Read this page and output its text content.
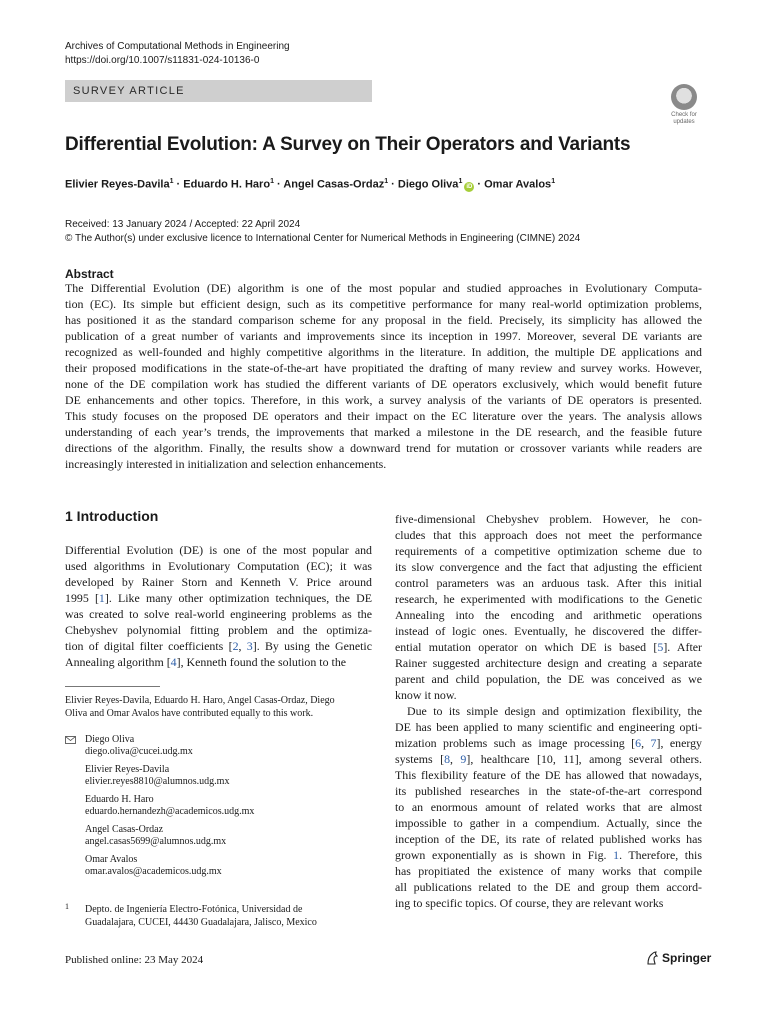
Archives of Computational Methods in Engineering
https://doi.org/10.1007/s11831-024-10136-0
SURVEY ARTICLE
Check for
updates
Differential Evolution: A Survey on Their Operators and Variants
Elivier Reyes-Davila$^1$ · Eduardo H. Haro$^1$ · Angel Casas-Ordaz$^1$ · Diego Oliva$^1$iD · Omar Avalos$^1$
Received: 13 January 2024 / Accepted: 22 April 2024
© The Author(s) under exclusive licence to International Center for Numerical Methods in Engineering (CIMNE) 2024
Abstract
The Differential Evolution (DE) algorithm is one of the most popular and studied approaches in Evolutionary Computa-
tion (EC). Its simple but efficient design, such as its competitive performance for many real-world optimization problems,
has positioned it as the standard comparison scheme for any proposal in the field. Precisely, its simplicity has allowed the
publication of a great number of variants and improvements since its inception in 1997. Moreover, several DE variants are
recognized as well-founded and highly competitive algorithms in the literature. In addition, the multiple DE applications and
their proposed modifications in the state-of-the-art have propitiated the drafting of many review and survey works. However,
none of the DE compilation work has studied the different variants of DE operators exclusively, which would benefit future
DE enhancements and other topics. Therefore, in this work, a survey analysis of the variants of DE operators is presented.
This study focuses on the proposed DE operators and their impact on the EC literature over the years. The analysis allows
understanding of each year’s trends, the improvements that marked a milestone in the DE research, and the feasible future
directions of the algorithm. Finally, the results show a downward trend for mutation or crossover variants while readers are
increasingly interested in initialization and selection enhancements.
1 Introduction
Differential Evolution (DE) is one of the most popular and
used algorithms in Evolutionary Computation (EC); it was
developed by Rainer Storn and Kenneth V. Price around
1995 [1]. Like many other optimization techniques, the DE
was created to solve real-world engineering problems as the
Chebyshev polynomial fitting problem and the optimiza-
tion of digital filter coefficients [2, 3]. By using the Genetic
Annealing algorithm [4], Kenneth found the solution to the
five-dimensional Chebyshev problem. However, he con-
cludes that this approach does not meet the performance
requirements of a competitive optimization scheme due to
its slow convergence and the fact that adjusting the efficient
control parameters was an arduous task. After this initial
research, he experimented with modifications to the Genetic
Annealing into the encoding and arithmetic operations
instead of logic ones. Eventually, he discovered the differ-
ential mutation operator on which DE is based [5]. After
Rainer suggested architecture design and creating a separate
parent and child population, the DE was conceived as we
know it now.
Due to its simple design and optimization flexibility, the
DE has been applied to many scientific and engineering opti-
mization problems such as image processing [6, 7], energy
systems [8, 9], healthcare [10, 11], among several others.
This flexibility feature of the DE has allowed that nowadays,
its published researches in the state-of-the-art correspond
to an enormous amount of related works that are almost
impossible to gather in a compendium. Actually, since the
inception of the DE, its rate of related published works has
grown exponentially as is shown in Fig. 1. Therefore, this
has propitiated the existence of many works that compile
all publications related to the DE and group them accord-
ing to specific topics. Of course, they are relevant works
Elivier Reyes-Davila, Eduardo H. Haro, Angel Casas-Ordaz, Diego
Oliva and Omar Avalos have contributed equally to this work.
Diego Oliva
diego.oliva@cucei.udg.mx
Elivier Reyes-Davila
elivier.reyes8810@alumnos.udg.mx
Eduardo H. Haro
eduardo.hernandezh@academicos.udg.mx
Angel Casas-Ordaz
angel.casas5699@alumnos.udg.mx
Omar Avalos
omar.avalos@academicos.udg.mx
1 Depto. de Ingeniería Electro-Fotónica, Universidad de
Guadalajara, CUCEI, 44430 Guadalajara, Jalisco, Mexico
Published online: 23 May 2024	Springer
